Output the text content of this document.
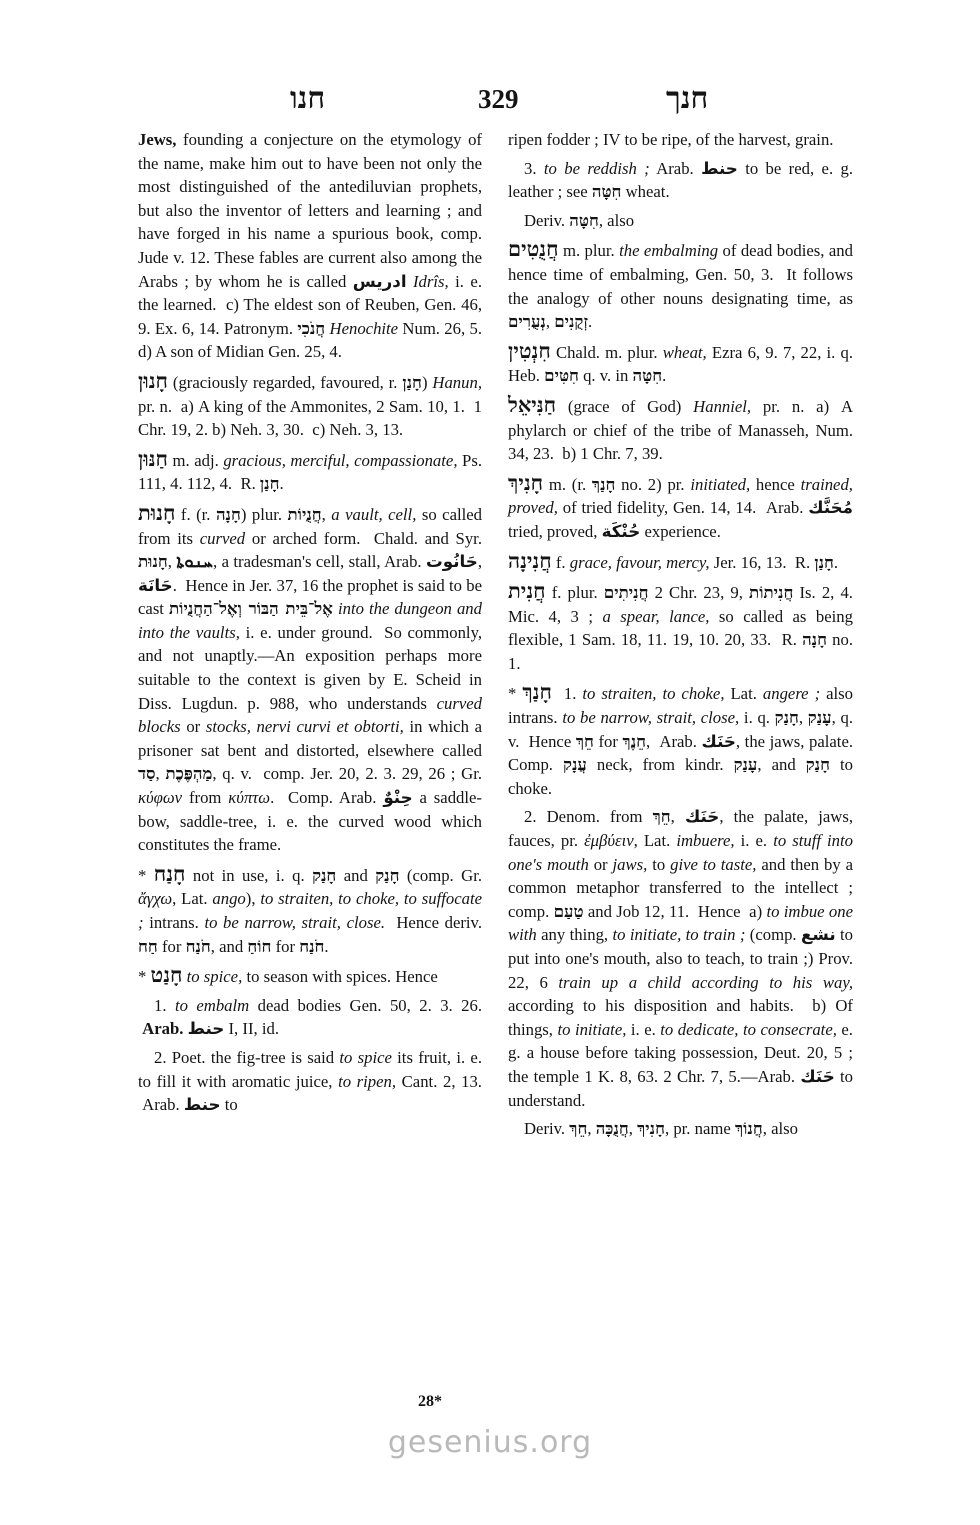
חנו	329	חנך

Jews, founding a conjecture on the etymology of the name, make him out to have been not only the most distinguished of the antediluvian prophets, but also the inventor of letters and learning ; and have forged in his name a spurious book, comp. Jude v. 12. These fables are current also among the Arabs ; by whom he is called ادريس Idrîs, i. e. the learned.  c) The eldest son of Reuben, Gen. 46, 9. Ex. 6, 14. Patronym. חֲנֹכִי Henochite Num. 26, 5. d) A son of Midian Gen. 25, 4.

חָנוּן (graciously regarded, favoured, r. חָנַן) Hanun, pr. n.  a) A king of the Ammonites, 2 Sam. 10, 1.  1 Chr. 19, 2. b) Neh. 3, 30.  c) Neh. 3, 13.

חַנּוּן m. adj. gracious, merciful, compassionate, Ps. 111, 4. 112, 4.  R. חָנַן.

חָנוּת f. (r. חָנָה) plur. חֲנֻיוֹת, a vault, cell, so called from its curved or arched form.  Chald. and Syr. חָנוּת, ܚܢܘܬܐ, a tradesman's cell, stall, Arab. حَانُوت, حَانَة.  Hence in Jer. 37, 16 the prophet is said to be cast אֶל־בֵּית הַבּוֹר וְאֶל־הַחֲנֻיוֹת into the dungeon and into the vaults, i. e. under ground.  So commonly, and not unaptly.—An exposition perhaps more suitable to the context is given by E. Scheid in Diss. Lugdun. p. 988, who understands curved blocks or stocks, nervi curvi et obtorti, in which a prisoner sat bent and distorted, elsewhere called סַד, מַהְפֶּכֶת, q. v.  comp. Jer. 20, 2. 3. 29, 26 ; Gr. κύφων from κύπτω.  Comp. Arab. حِنْوٌ a saddle-bow, saddle-tree, i. e. the curved wood which constitutes the frame.

* חָנַח not in use, i. q. חָנַק and חָנַק (comp. Gr. ἄγχω, Lat. ango), to straiten, to choke, to suffocate ; intrans. to be narrow, strait, close.  Hence deriv. חַח for חֹנַח, and חוֹחַ for חֹנַח.

* חָנַט to spice, to season with spices. Hence

1. to embalm dead bodies Gen. 50, 2. 3. 26.  Arab. حنط I, II, id.

2. Poet. the fig-tree is said to spice its fruit, i. e. to fill it with aromatic juice, to ripen, Cant. 2, 13.  Arab. حنط to

ripen fodder ; IV to be ripe, of the harvest, grain.

3. to be reddish ; Arab. حنط to be red, e. g. leather ; see חִטָּה wheat.

Deriv. חִטָּה, also

חֲנֻטִים m. plur. the embalming of dead bodies, and hence time of embalming, Gen. 50, 3.  It follows the analogy of other nouns designating time, as נְעֻרִים, זְקֻנִים.

חִנְטִין Chald. m. plur. wheat, Ezra 6, 9. 7, 22, i. q. Heb. חִטִּים q. v. in חִטָּה.

חַנִּיאֵל (grace of God) Hanniel, pr. n. a) A phylarch or chief of the tribe of Manasseh, Num. 34, 23.  b) 1 Chr. 7, 39.

חָנִיךְ m. (r. חָנַךְ no. 2) pr. initiated, hence trained, proved, of tried fidelity, Gen. 14, 14.  Arab. مُحَنَّك tried, proved, حُنْكَة experience.

חֲנִינָה f. grace, favour, mercy, Jer. 16, 13.  R. חָנַן.

חֲנִית f. plur. חֲנִיתִים 2 Chr. 23, 9, חֲנִיתוֹת Is. 2, 4. Mic. 4, 3 ; a spear, lance, so called as being flexible, 1 Sam. 18, 11. 19, 10. 20, 33.  R. חָנָה no. 1.

* חָנַךְ  1. to straiten, to choke, Lat. angere ; also intrans. to be narrow, strait, close, i. q. חָנַק, עָנַק, q. v.  Hence חֵךְ for חֵנֶךְ,  Arab. حَنَك, the jaws, palate. Comp. עֲנָק neck, from kindr. עָנַק, and חָנַק to choke.

2. Denom. from חֵךְ, حَنَك, the palate, jaws, fauces, pr. ἐμβύειν, Lat. imbuere, i. e. to stuff into one's mouth or jaws, to give to taste, and then by a common metaphor transferred to the intellect ; comp. טַעַם and Job 12, 11.  Hence  a) to imbue one with any thing, to initiate, to train ; (comp. نشع to put into one's mouth, also to teach, to train ;) Prov. 22, 6 train up a child according to his way, according to his disposition and habits.  b) Of things, to initiate, i. e. to dedicate, to consecrate, e. g. a house before taking possession, Deut. 20, 5 ; the temple 1 K. 8, 63. 2 Chr. 7, 5.—Arab. حَنَك to understand.

Deriv. חֵךְ, חֲנֻכָּה, חָנִיךְ, pr. name חֲנוֹךְ, also

28*
gesenius.org
